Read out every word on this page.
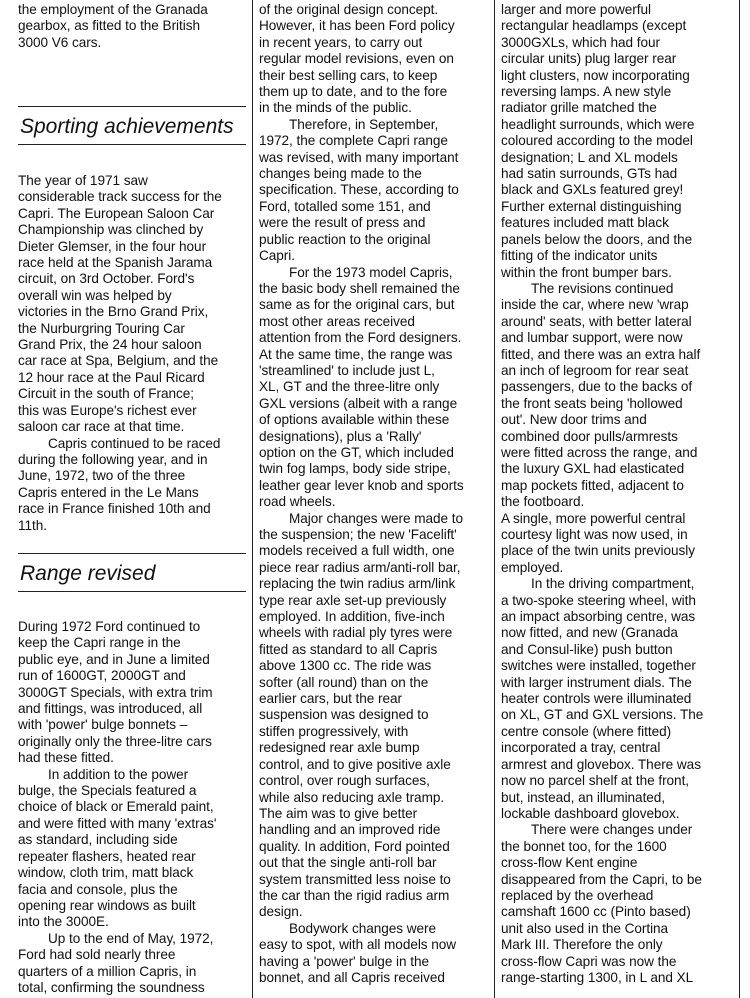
the employment of the Granada
gearbox, as fitted to the British
3000 V6 cars.
Sporting achievements
The year of 1971 saw
considerable track success for the
Capri. The European Saloon Car
Championship was clinched by
Dieter Glemser, in the four hour
race held at the Spanish Jarama
circuit, on 3rd October. Ford's
overall win was helped by
victories in the Brno Grand Prix,
the Nurburgring Touring Car
Grand Prix, the 24 hour saloon
car race at Spa, Belgium, and the
12 hour race at the Paul Ricard
Circuit in the south of France;
this was Europe's richest ever
saloon car race at that time.
Capris continued to be raced
during the following year, and in
June, 1972, two of the three
Capris entered in the Le Mans
race in France finished 10th and
11th.
Range revised
During 1972 Ford continued to
keep the Capri range in the
public eye, and in June a limited
run of 1600GT, 2000GT and
3000GT Specials, with extra trim
and fittings, was introduced, all
with 'power' bulge bonnets –
originally only the three-litre cars
had these fitted.
In addition to the power
bulge, the Specials featured a
choice of black or Emerald paint,
and were fitted with many 'extras'
as standard, including side
repeater flashers, heated rear
window, cloth trim, matt black
facia and console, plus the
opening rear windows as built
into the 3000E.
Up to the end of May, 1972,
Ford had sold nearly three
quarters of a million Capris, in
total, confirming the soundness
of the original design concept.
However, it has been Ford policy
in recent years, to carry out
regular model revisions, even on
their best selling cars, to keep
them up to date, and to the fore
in the minds of the public.
Therefore, in September,
1972, the complete Capri range
was revised, with many important
changes being made to the
specification. These, according to
Ford, totalled some 151, and
were the result of press and
public reaction to the original
Capri.
For the 1973 model Capris,
the basic body shell remained the
same as for the original cars, but
most other areas received
attention from the Ford designers.
At the same time, the range was
'streamlined' to include just L,
XL, GT and the three-litre only
GXL versions (albeit with a range
of options available within these
designations), plus a 'Rally'
option on the GT, which included
twin fog lamps, body side stripe,
leather gear lever knob and sports
road wheels.
Major changes were made to
the suspension; the new 'Facelift'
models received a full width, one
piece rear radius arm/anti-roll bar,
replacing the twin radius arm/link
type rear axle set-up previously
employed. In addition, five-inch
wheels with radial ply tyres were
fitted as standard to all Capris
above 1300 cc. The ride was
softer (all round) than on the
earlier cars, but the rear
suspension was designed to
stiffen progressively, with
redesigned rear axle bump
control, and to give positive axle
control, over rough surfaces,
while also reducing axle tramp.
The aim was to give better
handling and an improved ride
quality. In addition, Ford pointed
out that the single anti-roll bar
system transmitted less noise to
the car than the rigid radius arm
design.
Bodywork changes were
easy to spot, with all models now
having a 'power' bulge in the
bonnet, and all Capris received
larger and more powerful
rectangular headlamps (except
3000GXLs, which had four
circular units) plug larger rear
light clusters, now incorporating
reversing lamps. A new style
radiator grille matched the
headlight surrounds, which were
coloured according to the model
designation; L and XL models
had satin surrounds, GTs had
black and GXLs featured grey!
Further external distinguishing
features included matt black
panels below the doors, and the
fitting of the indicator units
within the front bumper bars.
The revisions continued
inside the car, where new 'wrap
around' seats, with better lateral
and lumbar support, were now
fitted, and there was an extra half
an inch of legroom for rear seat
passengers, due to the backs of
the front seats being 'hollowed
out'. New door trims and
combined door pulls/armrests
were fitted across the range, and
the luxury GXL had elasticated
map pockets fitted, adjacent to
the footboard.
A single, more powerful central
courtesy light was now used, in
place of the twin units previously
employed.
In the driving compartment,
a two-spoke steering wheel, with
an impact absorbing centre, was
now fitted, and new (Granada
and Consul-like) push button
switches were installed, together
with larger instrument dials. The
heater controls were illuminated
on XL, GT and GXL versions. The
centre console (where fitted)
incorporated a tray, central
armrest and glovebox. There was
now no parcel shelf at the front,
but, instead, an illuminated,
lockable dashboard glovebox.
There were changes under
the bonnet too, for the 1600
cross-flow Kent engine
disappeared from the Capri, to be
replaced by the overhead
camshaft 1600 cc (Pinto based)
unit also used in the Cortina
Mark III. Therefore the only
cross-flow Capri was now the
range-starting 1300, in L and XL
